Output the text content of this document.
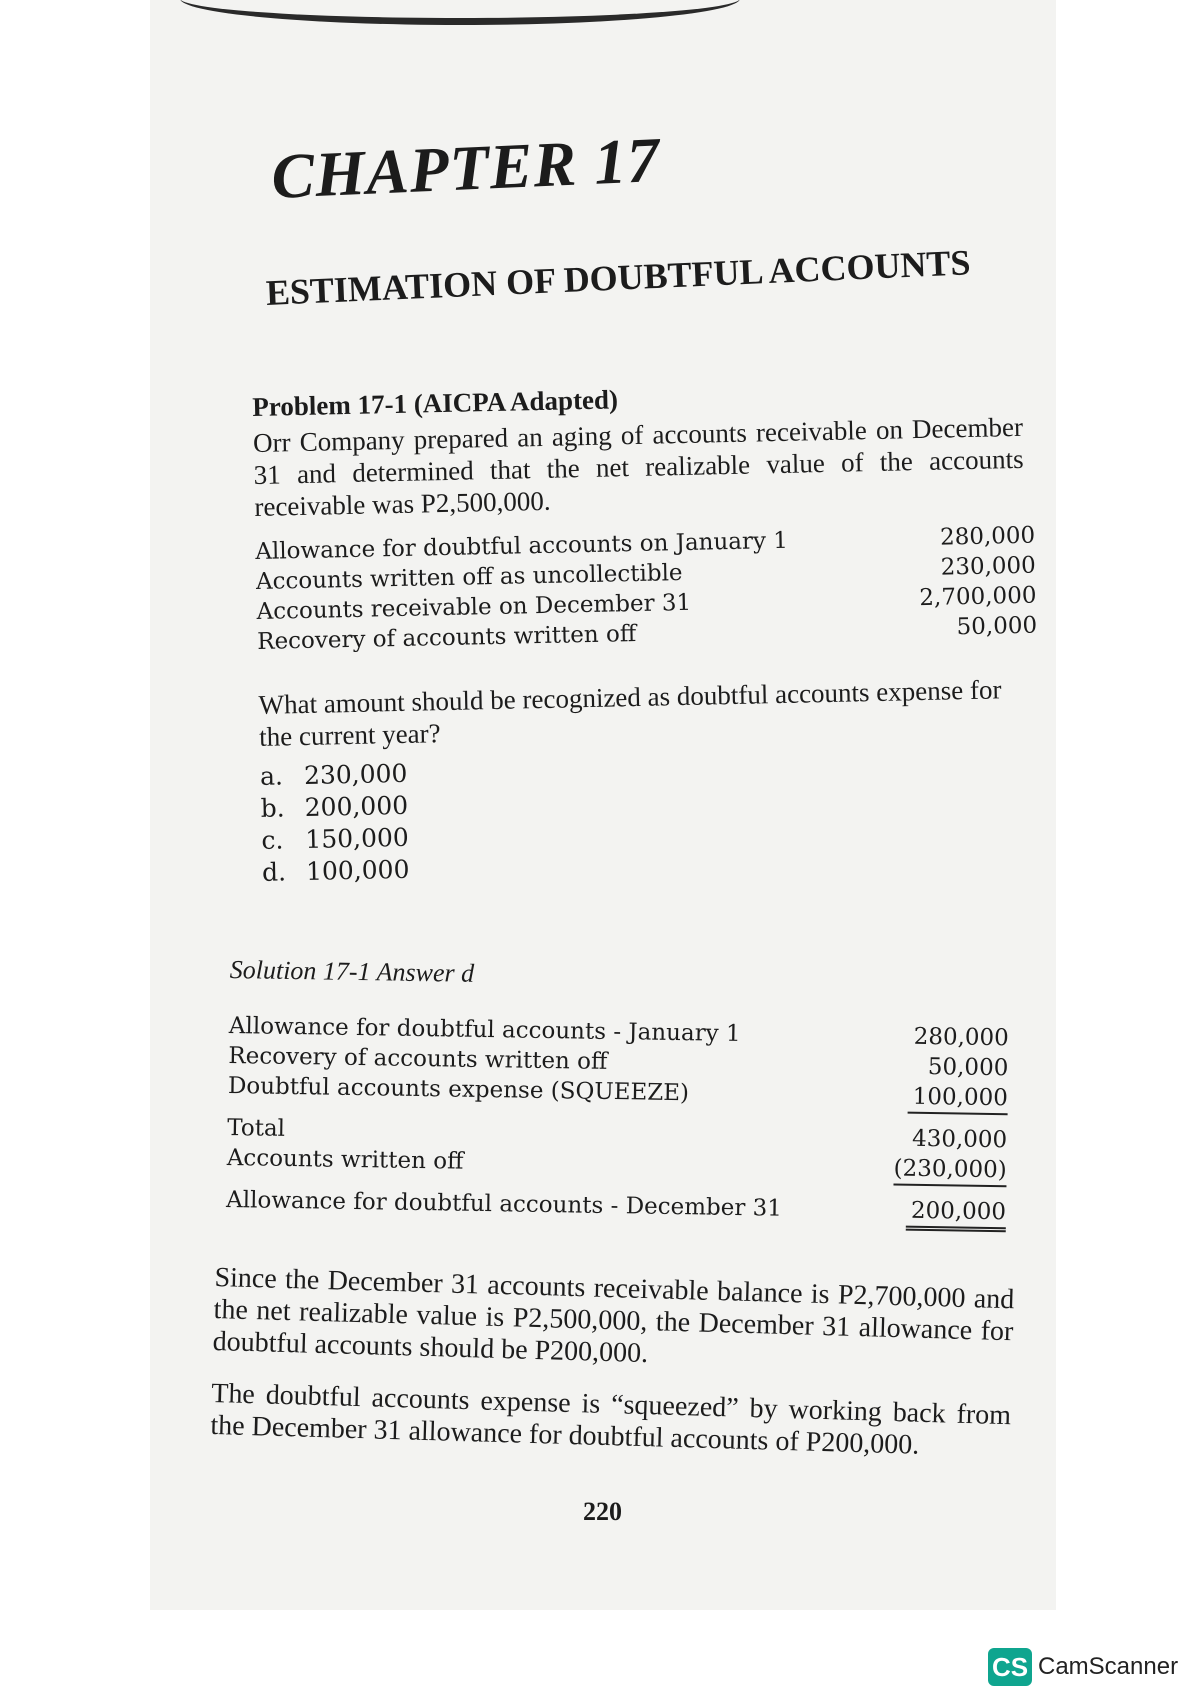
CHAPTER 17
ESTIMATION OF DOUBTFUL ACCOUNTS
Problem 17-1 (AICPA Adapted)
Orr Company prepared an aging of accounts receivable on December 31 and determined that the net realizable value of the accounts receivable was P2,500,000.
Allowance for doubtful accounts on January 1	280,000
Accounts written off as uncollectible	230,000
Accounts receivable on December 31	2,700,000
Recovery of accounts written off	50,000
What amount should be recognized as doubtful accounts expense for the current year?
a. 230,000
b. 200,000
c. 150,000
d. 100,000
Solution 17-1 Answer d
Allowance for doubtful accounts - January 1	280,000
Recovery of accounts written off	50,000
Doubtful accounts expense (SQUEEZE)	100,000
Total	430,000
Accounts written off	(230,000)
Allowance for doubtful accounts - December 31	200,000

Since the December 31 accounts receivable balance is P2,700,000 and the net realizable value is P2,500,000, the December 31 allowance for doubtful accounts should be P200,000.

The doubtful accounts expense is “squeezed” by working back from the December 31 allowance for doubtful accounts of P200,000.

220
CS CamScanner
